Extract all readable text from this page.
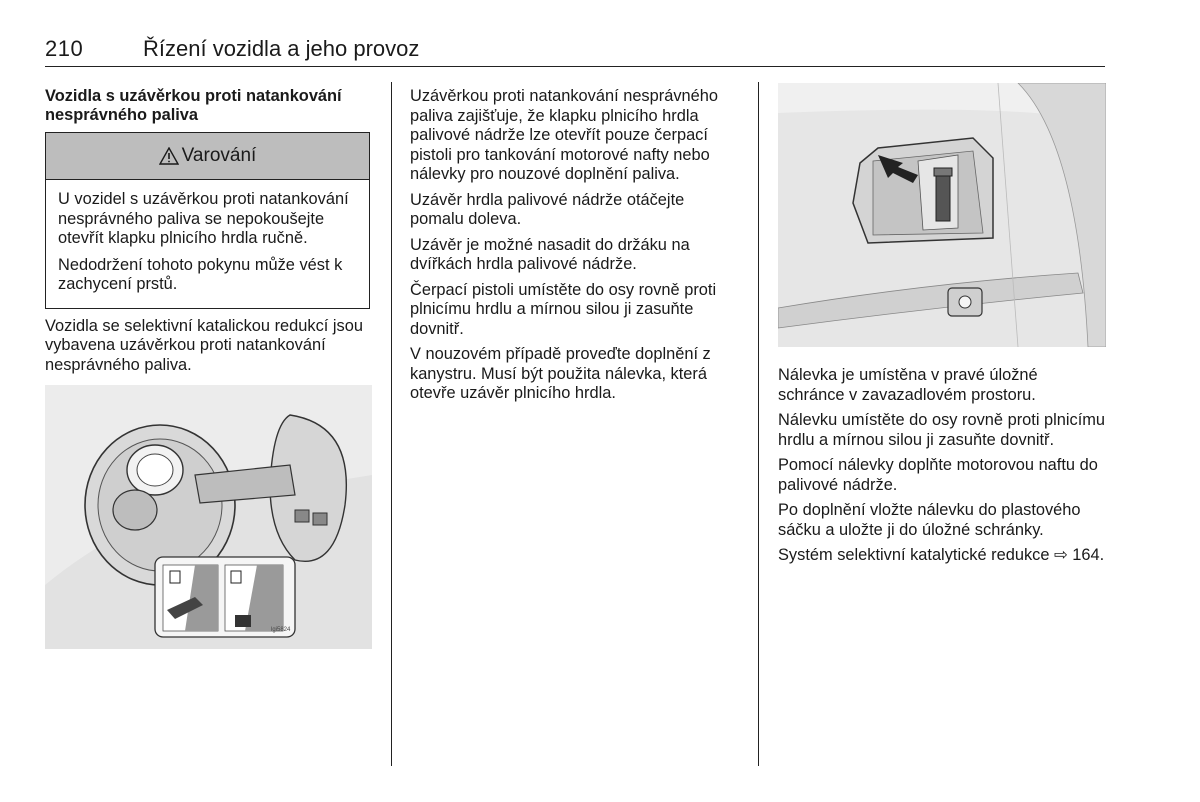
210	Řízení vozidla a jeho provoz
Vozidla s uzávěrkou proti natankování nesprávného paliva
Varování

U vozidel s uzávěrkou proti natankování nesprávného paliva se nepokoušejte otevřít klapku plnicího hrdla ručně.

Nedodržení tohoto pokynu může vést k zachycení prstů.

Vozidla se selektivní katalickou redukcí jsou vybavena uzávěrkou proti natankování nesprávného paliva.

lgi5824

Uzávěrkou proti natankování nesprávného paliva zajišťuje, že klapku plnicího hrdla palivové nádrže lze otevřít pouze čerpací pistoli pro tankování motorové nafty nebo nálevky pro nouzové doplnění paliva.

Uzávěr hrdla palivové nádrže otáčejte pomalu doleva.

Uzávěr je možné nasadit do držáku na dvířkách hrdla palivové nádrže.

Čerpací pistoli umístěte do osy rovně proti plnicímu hrdlu a mírnou silou ji zasuňte dovnitř.

V nouzovém případě proveďte doplnění z kanystru. Musí být použita nálevka, která otevře uzávěr plnicího hrdla.

Nálevka je umístěna v pravé úložné schránce v zavazadlovém prostoru.

Nálevku umístěte do osy rovně proti plnicímu hrdlu a mírnou silou ji zasuňte dovnitř.

Pomocí nálevky doplňte motorovou naftu do palivové nádrže.

Po doplnění vložte nálevku do plastového sáčku a uložte ji do úložné schránky.

Systém selektivní katalytické redukce ⇨ 164.
